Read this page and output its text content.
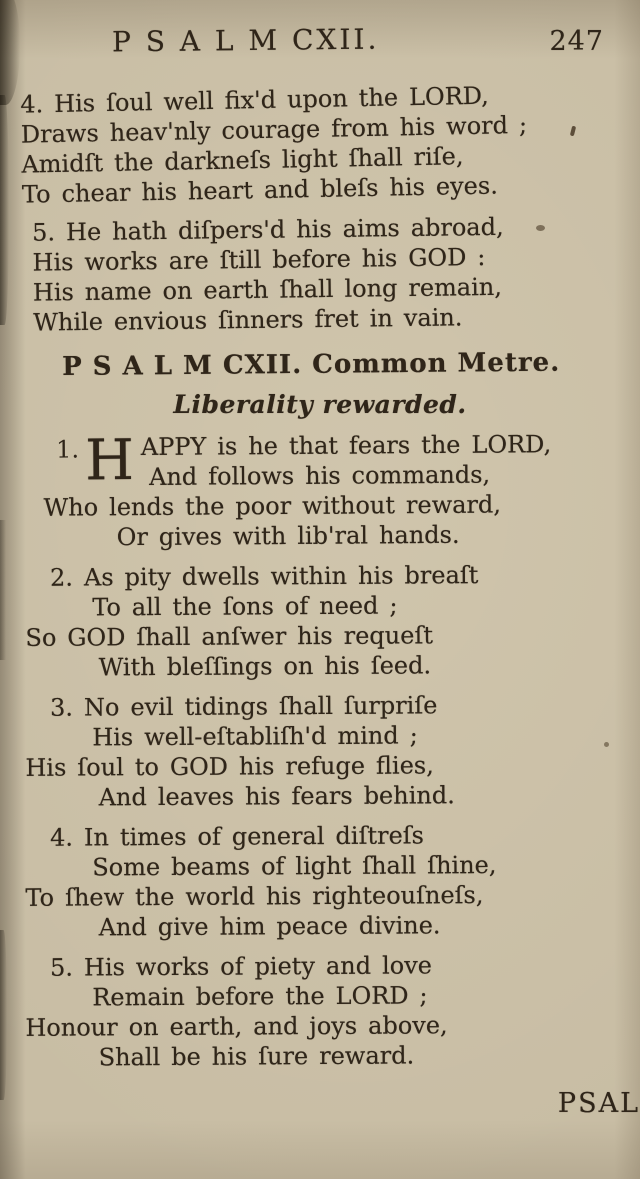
P S A L M CXII.	247

4. His ſoul well fix'd upon the LORD,

Draws heav'nly courage from his word ;

Amidſt the darkneſs light ſhall riſe,

To chear his heart and bleſs his eyes.

5. He hath diſpers'd his aims abroad,

His works are ſtill before his GOD :

His name on earth ſhall long remain,

While envious ſinners fret in vain.

P S A L M CXII. Common Metre.
Liberality rewarded.
1. H APPY is he that fears the LORD,

And follows his commands,

Who lends the poor without reward,

Or gives with lib'ral hands.

2. As pity dwells within his breaſt

To all the ſons of need ;

So GOD ſhall anſwer his requeſt

With bleſſings on his ſeed.

3. No evil tidings ſhall ſurpriſe

His well-eſtabliſh'd mind ;

His ſoul to GOD his refuge flies,

And leaves his fears behind.

4. In times of general diſtreſs

Some beams of light ſhall ſhine,

To ſhew the world his righteouſneſs,

And give him peace divine.

5. His works of piety and love

Remain before the LORD ;

Honour on earth, and joys above,

Shall be his ſure reward.

PSAL
